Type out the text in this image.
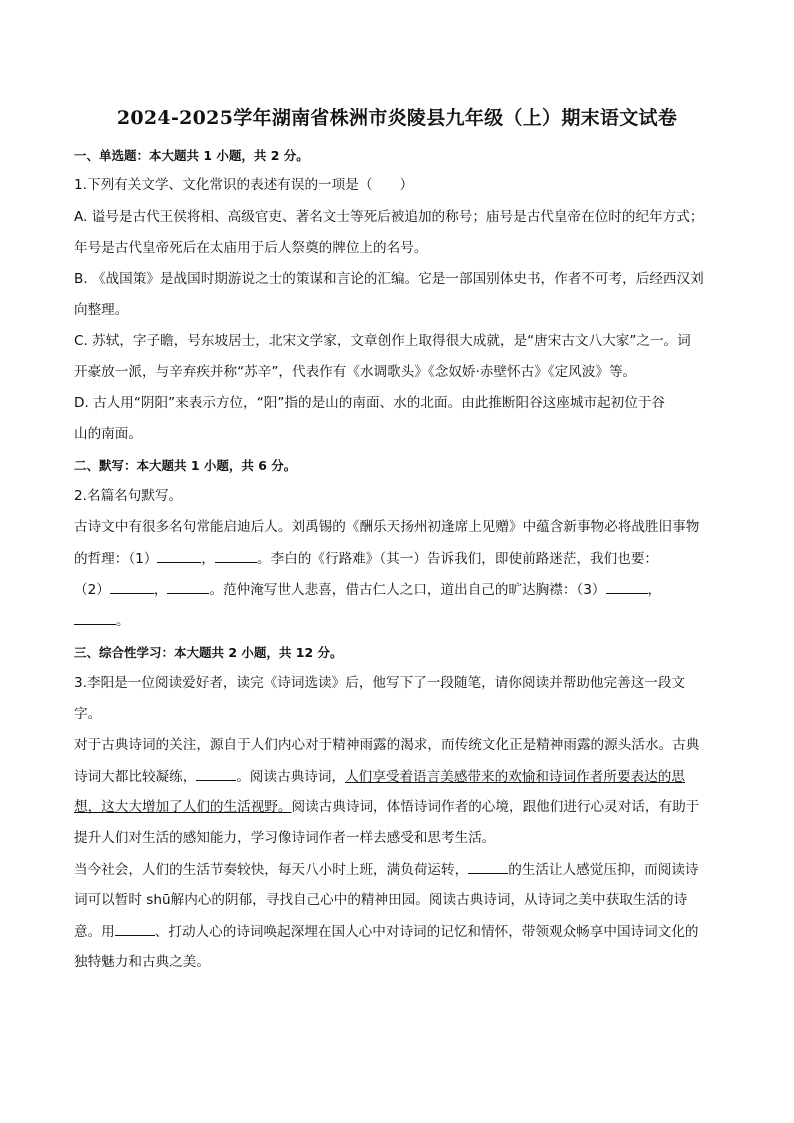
2024-2025学年湖南省株洲市炎陵县九年级（上）期末语文试卷
一、单选题：本大题共 1 小题，共 2 分。
1.下列有关文学、文化常识的表述有误的一项是（　　）
A. 谥号是古代王侯将相、高级官吏、著名文士等死后被追加的称号；庙号是古代皇帝在位时的纪年方式；
年号是古代皇帝死后在太庙用于后人祭奠的牌位上的名号。
B. 《战国策》是战国时期游说之士的策谋和言论的汇编。它是一部国别体史书，作者不可考，后经西汉刘
向整理。
C. 苏轼，字子瞻，号东坡居士，北宋文学家，文章创作上取得很大成就，是“唐宋古文八大家”之一。词
开豪放一派，与辛弃疾并称“苏辛”，代表作有《水调歌头》《念奴娇·赤壁怀古》《定风波》等。
D. 古人用“阴阳”来表示方位，“阳”指的是山的南面、水的北面。由此推断阳谷这座城市起初位于谷
山的南面。
二、默写：本大题共 1 小题，共 6 分。
2.名篇名句默写。
古诗文中有很多名句常能启迪后人。刘禹锡的《酬乐天扬州初逢席上见赠》中蕴含新事物必将战胜旧事物
的哲理：（1）	，	。李白的《行路难》（其一）告诉我们，即使前路迷茫，我们也要：
（2）	，	。范仲淹写世人悲喜，借古仁人之口，道出自己的旷达胸襟：（3）	，
。
三、综合性学习：本大题共 2 小题，共 12 分。
3.李阳是一位阅读爱好者，读完《诗词选读》后，他写下了一段随笔，请你阅读并帮助他完善这一段文
字。
对于古典诗词的关注，源自于人们内心对于精神雨露的渴求，而传统文化正是精神雨露的源头活水。古典
诗词大都比较凝练，	。阅读古典诗词，人们享受着语言美感带来的欢愉和诗词作者所要表达的思
想，这大大增加了人们的生活视野。阅读古典诗词，体悟诗词作者的心境，跟他们进行心灵对话，有助于
提升人们对生活的感知能力，学习像诗词作者一样去感受和思考生活。
当今社会，人们的生活节奏较快，每天八小时上班，满负荷运转，	的生活让人感觉压抑，而阅读诗
词可以暂时 shū解内心的阴郁，寻找自己心中的精神田园。阅读古典诗词，从诗词之美中获取生活的诗
意。用	、打动人心的诗词唤起深埋在国人心中对诗词的记忆和情怀，带领观众畅享中国诗词文化的
独特魅力和古典之美。
